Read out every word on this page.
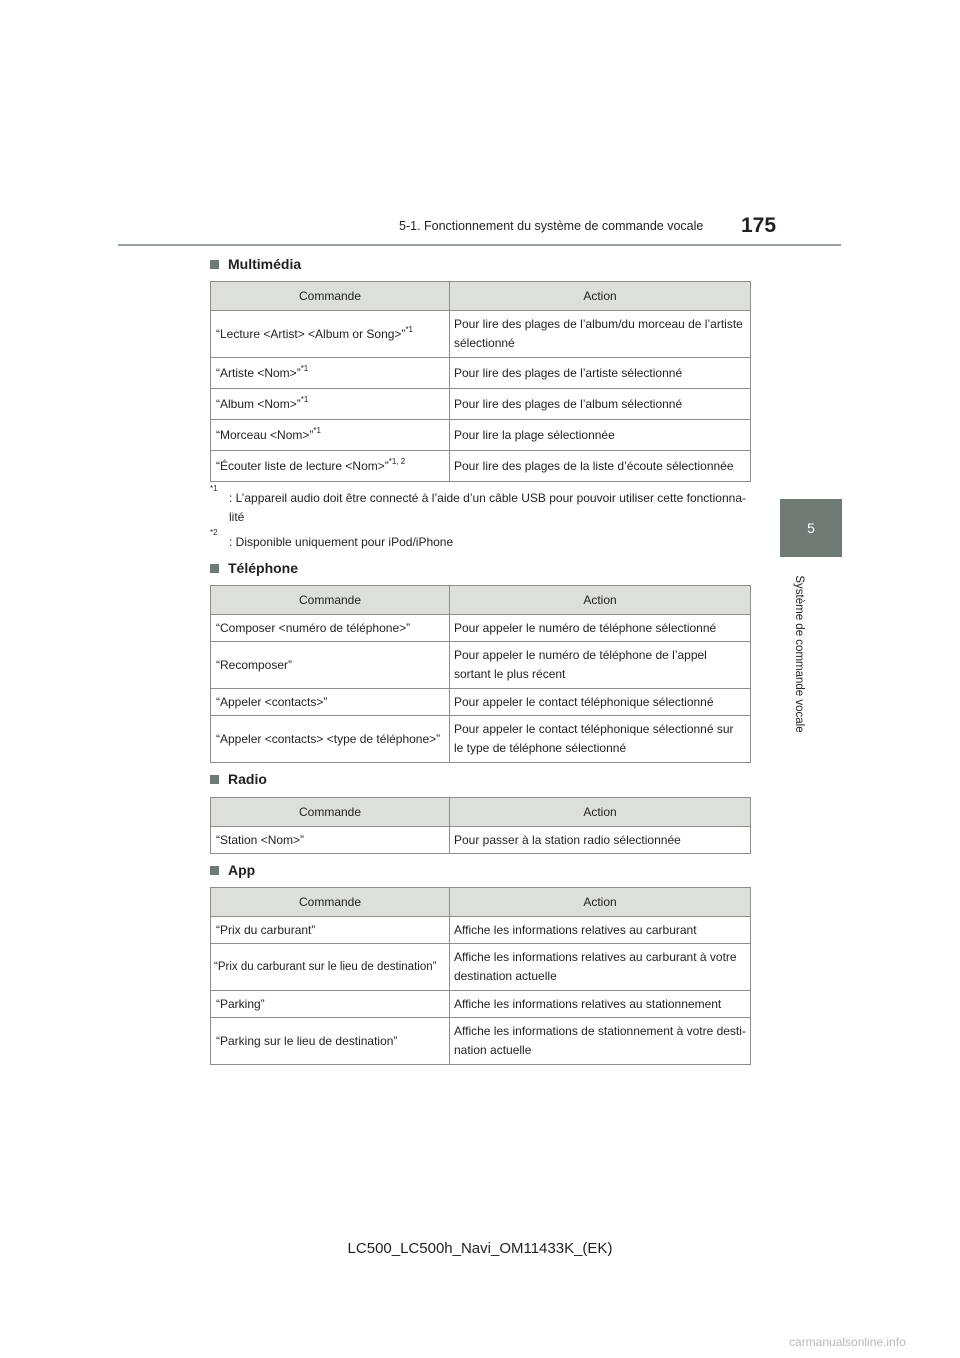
5-1. Fonctionnement du système de commande vocale 175
5
Système de commande vocale
Multimédia
Commande	Action
“Lecture <Artist> <Album or Song>”$^{*1}$	Pour lire des plages de l’album/du morceau de l’artiste sélectionné
“Artiste <Nom>”$^{*1}$	Pour lire des plages de l’artiste sélectionné
“Album <Nom>”$^{*1}$	Pour lire des plages de l’album sélectionné
“Morceau <Nom>”$^{*1}$	Pour lire la plage sélectionnée
“Écouter liste de lecture <Nom>”$^{*1, 2}$	Pour lire des plages de la liste d’écoute sélectionnée
*1
: L’appareil audio doit être connecté à l’aide d’un câble USB pour pouvoir utiliser cette fonctionna-lité
*2
: Disponible uniquement pour iPod/iPhone
Téléphone
Commande	Action
“Composer <numéro de téléphone>”	Pour appeler le numéro de téléphone sélectionné
“Recomposer”	Pour appeler le numéro de téléphone de l’appel sortant le plus récent
“Appeler <contacts>”	Pour appeler le contact téléphonique sélectionné
“Appeler <contacts> <type de téléphone>”	Pour appeler le contact téléphonique sélectionné sur le type de téléphone sélectionné
Radio
Commande	Action
“Station <Nom>”	Pour passer à la station radio sélectionnée
App
Commande	Action
“Prix du carburant”	Affiche les informations relatives au carburant
“Prix du carburant sur le lieu de destination”	Affiche les informations relatives au carburant à votre destination actuelle
“Parking”	Affiche les informations relatives au stationnement
“Parking sur le lieu de destination”	Affiche les informations de stationnement à votre desti-nation actuelle
LC500_LC500h_Navi_OM11433K_(EK)
carmanualsonline.info
